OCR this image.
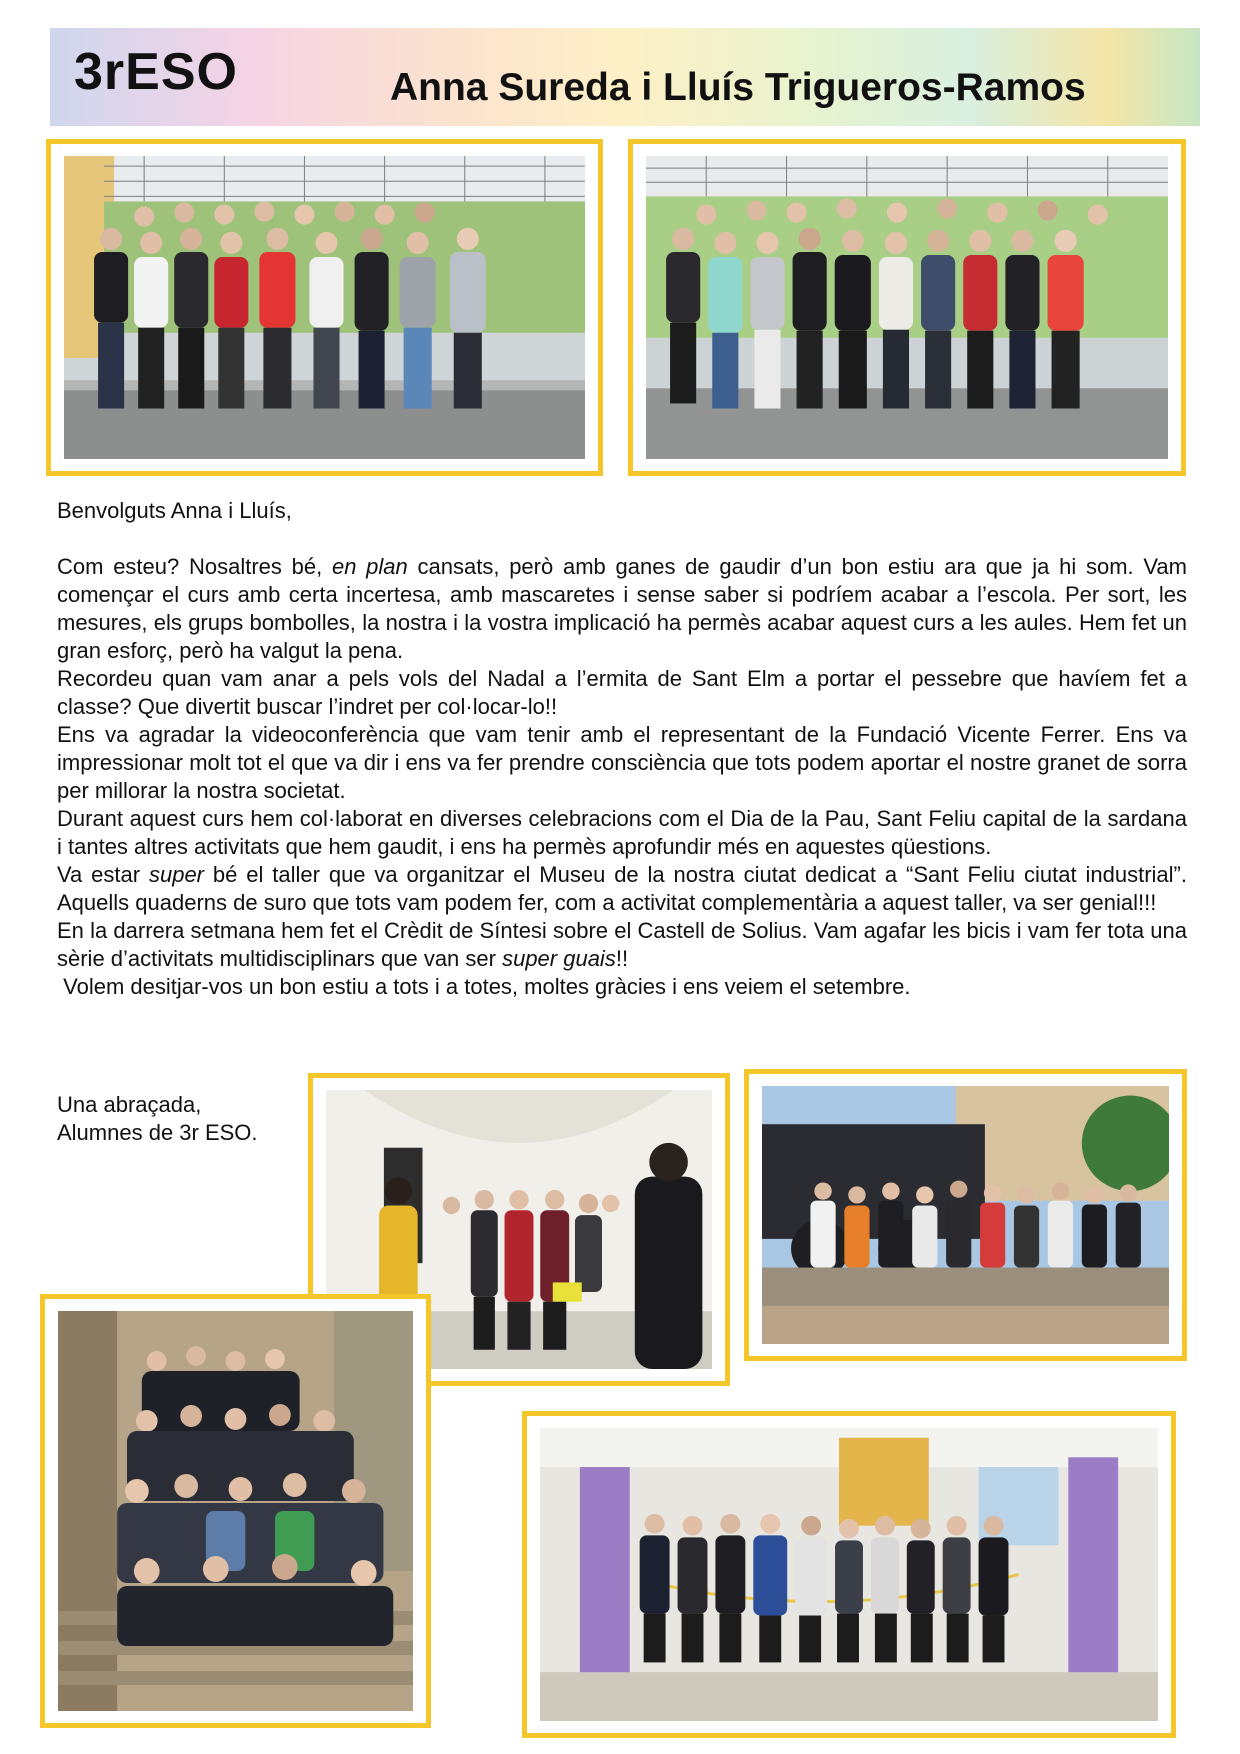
3rESO	Anna Sureda i Lluís Trigueros-Ramos

Benvolguts Anna i Lluís,

Com esteu? Nosaltres bé, en plan cansats, però amb ganes de gaudir d’un bon estiu ara que ja hi som. Vam començar el curs amb certa incertesa, amb mascaretes i sense saber si podríem acabar a l’escola. Per sort, les mesures, els grups bombolles, la nostra i la vostra implicació ha permès acabar aquest curs a les aules. Hem fet un gran esforç, però ha valgut la pena.

Recordeu quan vam anar a pels vols del Nadal a l’ermita de Sant Elm a portar el pessebre que havíem fet a classe? Que divertit buscar l’indret per col·locar-lo!!

Ens va agradar la videoconferència que vam tenir amb el representant de la Fundació Vicente Ferrer. Ens va impressionar molt tot el que va dir i ens va fer prendre consciència que tots podem aportar el nostre granet de sorra per millorar la nostra societat.

Durant aquest curs hem col·laborat en diverses celebracions com el Dia de la Pau, Sant Feliu capital de la sardana i tantes altres activitats que hem gaudit, i ens ha permès aprofundir més en aquestes qüestions.

Va estar super bé el taller que va organitzar el Museu de la nostra ciutat dedicat a “Sant Feliu ciutat industrial”. Aquells quaderns de suro que tots vam podem fer, com a activitat complementària a aquest taller, va ser genial!!!

En la darrera setmana hem fet el Crèdit de Síntesi sobre el Castell de Solius. Vam agafar les bicis i vam fer tota una sèrie d’activitats multidisciplinars que van ser super guais!!

Volem desitjar-vos un bon estiu a tots i a totes, moltes gràcies i ens veiem el setembre.

Una abraçada,
Alumnes de 3r ESO.
